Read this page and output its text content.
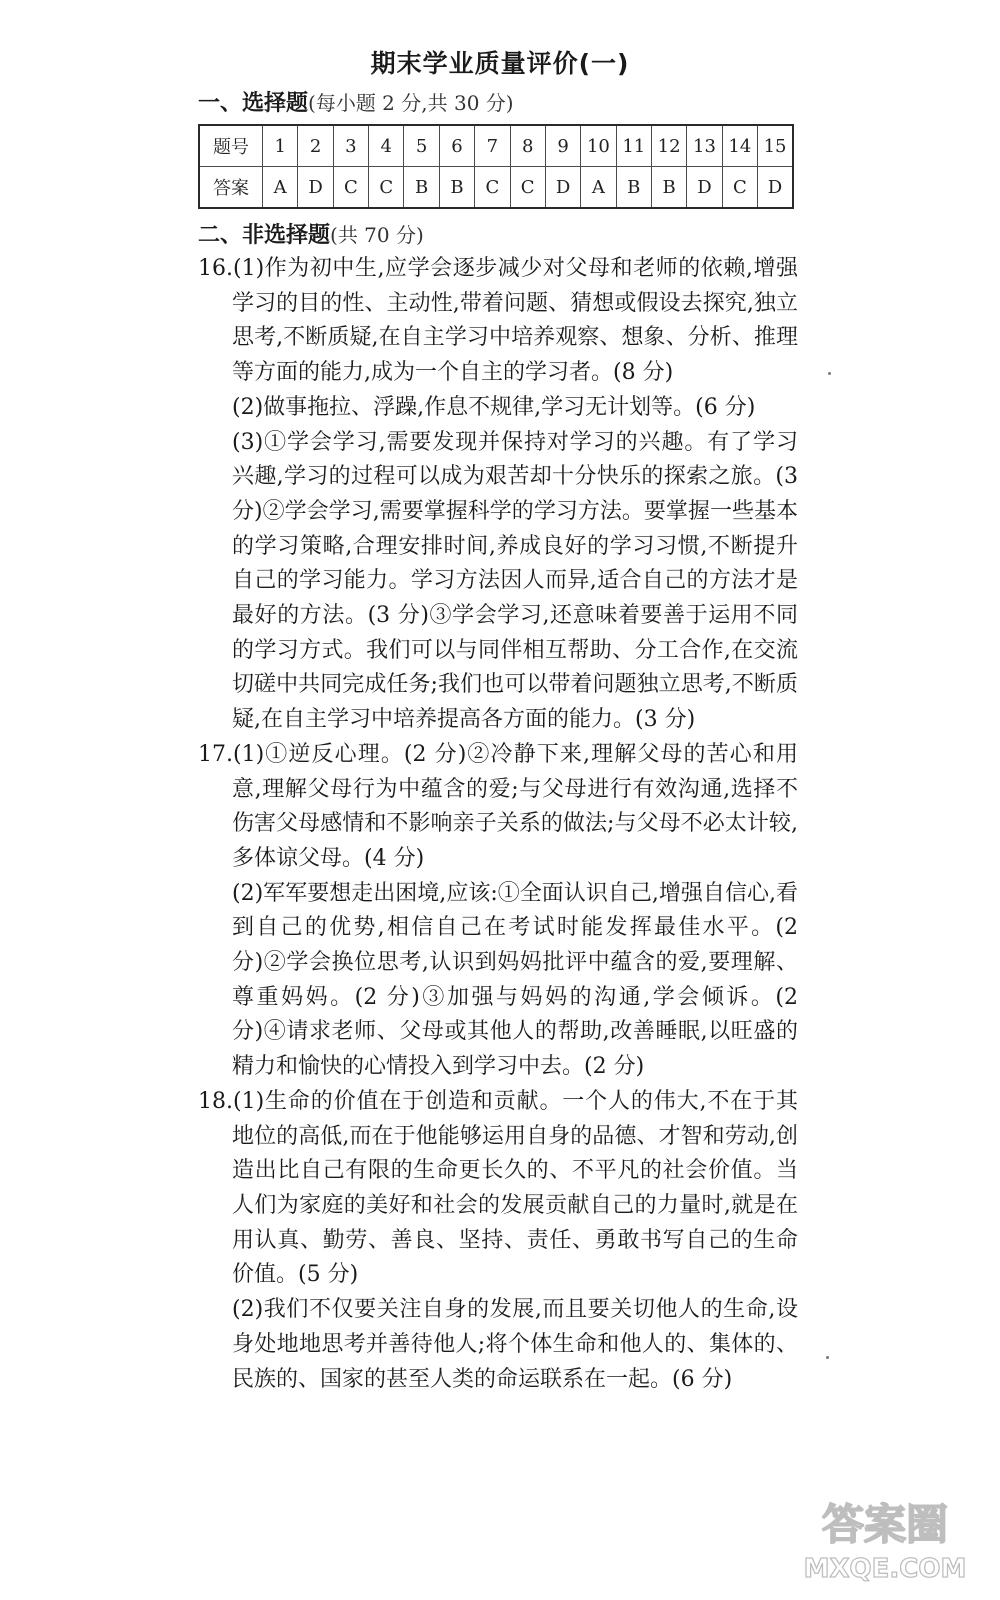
期末学业质量评价(一)
一、选择题(每小题 2 分,共 30 分)
题号	1	2	3	4	5	6	7	8	9	10	11	12	13	14	15
答案	A	D	C	C	B	B	C	C	D	A	B	B	D	C	D
二、非选择题(共 70 分)

16.(1)作为初中生,应学会逐步减少对父母和老师的依赖,增强学习的目的性、主动性,带着问题、猜想或假设去探究,独立思考,不断质疑,在自主学习中培养观察、想象、分析、推理等方面的能力,成为一个自主的学习者。(8 分)

(2)做事拖拉、浮躁,作息不规律,学习无计划等。(6 分)

(3)①学会学习,需要发现并保持对学习的兴趣。有了学习兴趣,学习的过程可以成为艰苦却十分快乐的探索之旅。(3 分)②学会学习,需要掌握科学的学习方法。要掌握一些基本的学习策略,合理安排时间,养成良好的学习习惯,不断提升自己的学习能力。学习方法因人而异,适合自己的方法才是最好的方法。(3 分)③学会学习,还意味着要善于运用不同的学习方式。我们可以与同伴相互帮助、分工合作,在交流切磋中共同完成任务;我们也可以带着问题独立思考,不断质疑,在自主学习中培养提高各方面的能力。(3 分)

17.(1)①逆反心理。(2 分)②冷静下来,理解父母的苦心和用意,理解父母行为中蕴含的爱;与父母进行有效沟通,选择不伤害父母感情和不影响亲子关系的做法;与父母不必太计较,多体谅父母。(4 分)

(2)军军要想走出困境,应该:①全面认识自己,增强自信心,看到自己的优势,相信自己在考试时能发挥最佳水平。(2 分)②学会换位思考,认识到妈妈批评中蕴含的爱,要理解、尊重妈妈。(2 分)③加强与妈妈的沟通,学会倾诉。(2 分)④请求老师、父母或其他人的帮助,改善睡眠,以旺盛的精力和愉快的心情投入到学习中去。(2 分)

18.(1)生命的价值在于创造和贡献。一个人的伟大,不在于其地位的高低,而在于他能够运用自身的品德、才智和劳动,创造出比自己有限的生命更长久的、不平凡的社会价值。当人们为家庭的美好和社会的发展贡献自己的力量时,就是在用认真、勤劳、善良、坚持、责任、勇敢书写自己的生命价值。(5 分)

(2)我们不仅要关注自身的发展,而且要关切他人的生命,设身处地地思考并善待他人;将个体生命和他人的、集体的、民族的、国家的甚至人类的命运联系在一起。(6 分)

答案圈
MXQE.COM
